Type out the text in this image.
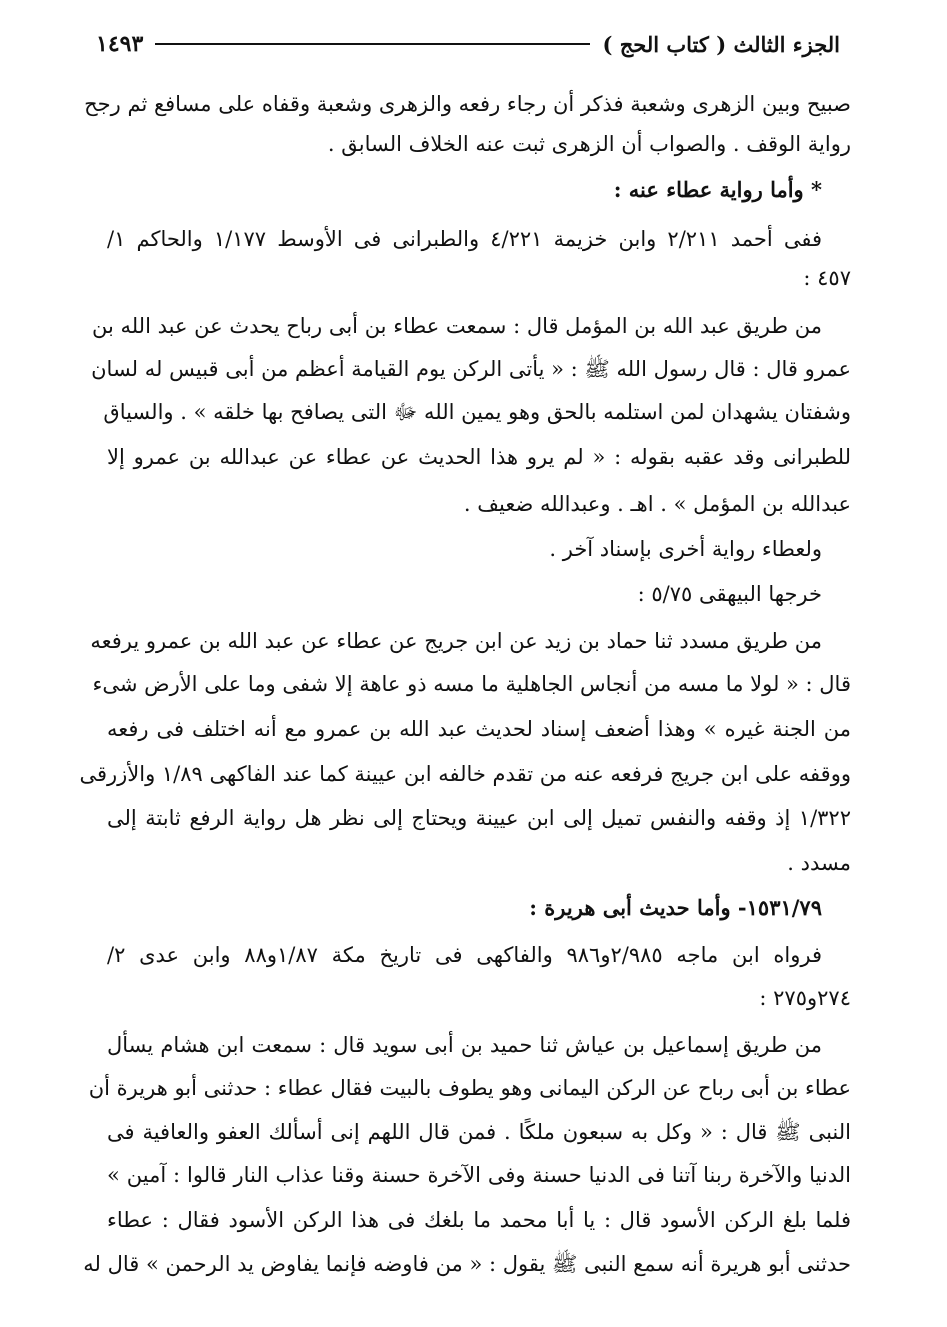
الجزء الثالث ( كتاب الحج )
١٤٩٣
صبيح وبين الزهرى وشعبة فذكر أن رجاء رفعه والزهرى وشعبة وقفاه على مسافع ثم رجح
رواية الوقف . والصواب أن الزهرى ثبت عنه الخلاف السابق .
* وأما رواية عطاء عنه :
ففى أحمد ٢/٢١١ وابن خزيمة ٤/٢٢١ والطبرانى فى الأوسط ١/١٧٧ والحاكم ١/
٤٥٧ :
من طريق عبد الله بن المؤمل قال : سمعت عطاء بن أبى رباح يحدث عن عبد الله بن
عمرو قال : قال رسول الله ﷺ : « يأتى الركن يوم القيامة أعظم من أبى قبيس له لسان
وشفتان يشهدان لمن استلمه بالحق وهو يمين الله ﷻ التى يصافح بها خلقه » . والسياق
للطبرانى وقد عقبه بقوله : « لم يرو هذا الحديث عن عطاء عن عبدالله بن عمرو إلا
عبدالله بن المؤمل » . اهـ . وعبدالله ضعيف .
ولعطاء رواية أخرى بإسناد آخر .
خرجها البيهقى ٥/٧٥ :
من طريق مسدد ثنا حماد بن زيد عن ابن جريج عن عطاء عن عبد الله بن عمرو يرفعه
قال : « لولا ما مسه من أنجاس الجاهلية ما مسه ذو عاهة إلا شفى وما على الأرض شىء
من الجنة غيره » وهذا أضعف إسناد لحديث عبد الله بن عمرو مع أنه اختلف فى رفعه
ووقفه على ابن جريج فرفعه عنه من تقدم خالفه ابن عيينة كما عند الفاكهى ١/٨٩ والأزرقى
١/٣٢٢ إذ وقفه والنفس تميل إلى ابن عيينة ويحتاج إلى نظر هل رواية الرفع ثابتة إلى
مسدد .
١٥٣١/٧٩- وأما حديث أبى هريرة :
فرواه ابن ماجه ٢/٩٨٥و٩٨٦ والفاكهى فى تاريخ مكة ١/٨٧و٨٨ وابن عدى ٢/
٢٧٤و٢٧٥ :
من طريق إسماعيل بن عياش ثنا حميد بن أبى سويد قال : سمعت ابن هشام يسأل
عطاء بن أبى رباح عن الركن اليمانى وهو يطوف بالبيت فقال عطاء : حدثنى أبو هريرة أن
النبى ﷺ قال : « وكل به سبعون ملكًا . فمن قال اللهم إنى أسألك العفو والعافية فى
الدنيا والآخرة ربنا آتنا فى الدنيا حسنة وفى الآخرة حسنة وقنا عذاب النار قالوا : آمين »
فلما بلغ الركن الأسود قال : يا أبا محمد ما بلغك فى هذا الركن الأسود فقال : عطاء
حدثنى أبو هريرة أنه سمع النبى ﷺ يقول : « من فاوضه فإنما يفاوض يد الرحمن » قال له
